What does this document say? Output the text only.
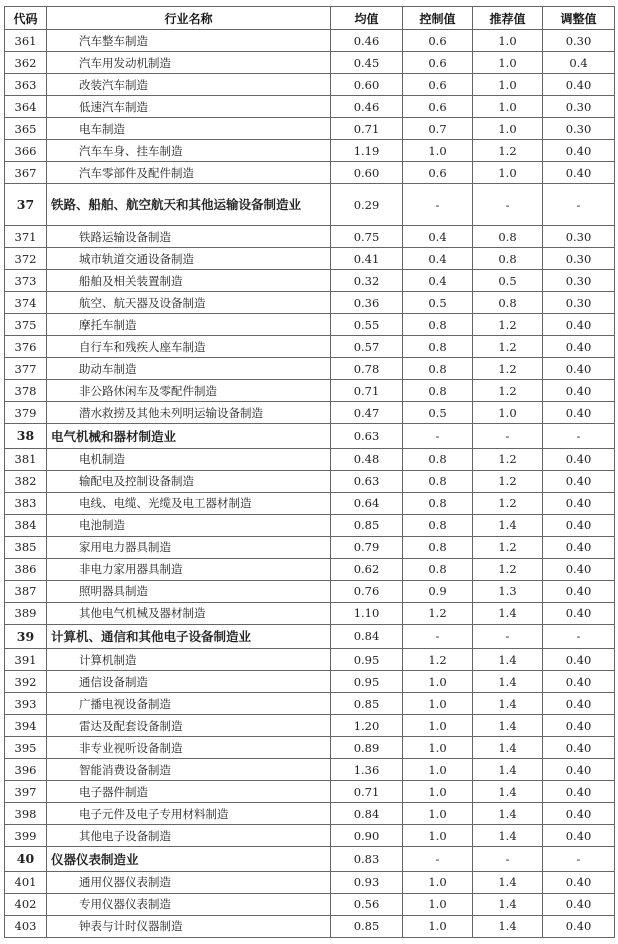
代码	行业名称	均值	控制值	推荐值	调整值
361	汽车整车制造	0.46	0.6	1.0	0.30
362	汽车用发动机制造	0.45	0.6	1.0	0.4
363	改装汽车制造	0.60	0.6	1.0	0.40
364	低速汽车制造	0.46	0.6	1.0	0.30
365	电车制造	0.71	0.7	1.0	0.30
366	汽车车身、挂车制造	1.19	1.0	1.2	0.40
367	汽车零部件及配件制造	0.60	0.6	1.0	0.40
37	铁路、船舶、航空航天和其他运输设备制造业	0.29	-	-	-
371	铁路运输设备制造	0.75	0.4	0.8	0.30
372	城市轨道交通设备制造	0.41	0.4	0.8	0.30
373	船舶及相关装置制造	0.32	0.4	0.5	0.30
374	航空、航天器及设备制造	0.36	0.5	0.8	0.30
375	摩托车制造	0.55	0.8	1.2	0.40
376	自行车和残疾人座车制造	0.57	0.8	1.2	0.40
377	助动车制造	0.78	0.8	1.2	0.40
378	非公路休闲车及零配件制造	0.71	0.8	1.2	0.40
379	潜水救捞及其他未列明运输设备制造	0.47	0.5	1.0	0.40
38	电气机械和器材制造业	0.63	-	-	-
381	电机制造	0.48	0.8	1.2	0.40
382	输配电及控制设备制造	0.63	0.8	1.2	0.40
383	电线、电缆、光缆及电工器材制造	0.64	0.8	1.2	0.40
384	电池制造	0.85	0.8	1.4	0.40
385	家用电力器具制造	0.79	0.8	1.2	0.40
386	非电力家用器具制造	0.62	0.8	1.2	0.40
387	照明器具制造	0.76	0.9	1.3	0.40
389	其他电气机械及器材制造	1.10	1.2	1.4	0.40
39	计算机、通信和其他电子设备制造业	0.84	-	-	-
391	计算机制造	0.95	1.2	1.4	0.40
392	通信设备制造	0.95	1.0	1.4	0.40
393	广播电视设备制造	0.85	1.0	1.4	0.40
394	雷达及配套设备制造	1.20	1.0	1.4	0.40
395	非专业视听设备制造	0.89	1.0	1.4	0.40
396	智能消费设备制造	1.36	1.0	1.4	0.40
397	电子器件制造	0.71	1.0	1.4	0.40
398	电子元件及电子专用材料制造	0.84	1.0	1.4	0.40
399	其他电子设备制造	0.90	1.0	1.4	0.40
40	仪器仪表制造业	0.83	-	-	-
401	通用仪器仪表制造	0.93	1.0	1.4	0.40
402	专用仪器仪表制造	0.56	1.0	1.4	0.40
403	钟表与计时仪器制造	0.85	1.0	1.4	0.40
